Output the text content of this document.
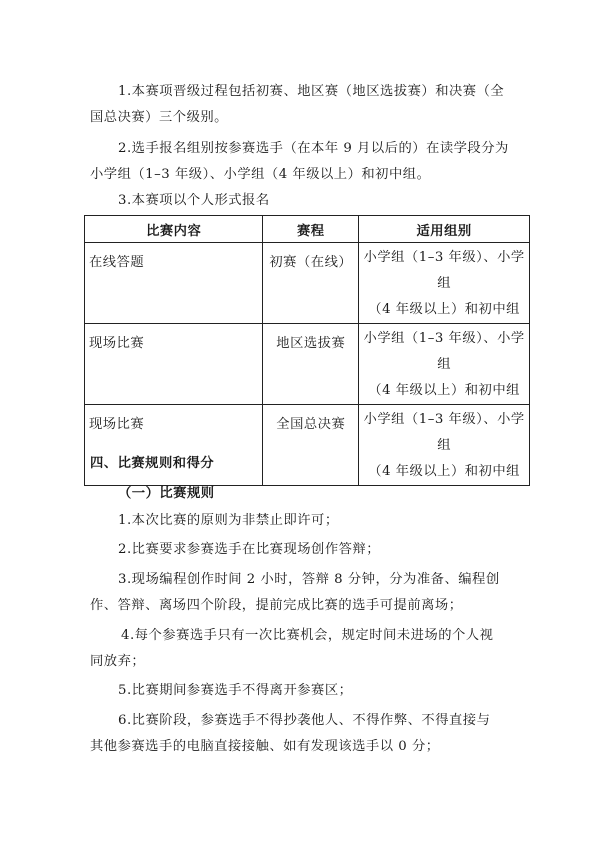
1.本赛项晋级过程包括初赛、地区赛（地区选拔赛）和决赛（全
国总决赛）三个级别。
2.选手报名组别按参赛选手（在本年 9 月以后的）在读学段分为
小学组（1–3 年级）、小学组（4 年级以上）和初中组。
3.本赛项以个人形式报名
比赛内容	赛程	适用组别
在线答题	初赛（在线）	小学组（1–3 年级）、小学组
（4 年级以上）和初中组

现场比赛	地区选拔赛	小学组（1–3 年级）、小学组
（4 年级以上）和初中组

现场比赛	全国总决赛	小学组（1–3 年级）、小学组
（4 年级以上）和初中组
四、比赛规则和得分
（一）比赛规则
1.本次比赛的原则为非禁止即许可；
2.比赛要求参赛选手在比赛现场创作答辩；
3.现场编程创作时间 2 小时，答辩 8 分钟，分为准备、编程创
作、答辩、离场四个阶段，提前完成比赛的选手可提前离场；
4.每个参赛选手只有一次比赛机会，规定时间未进场的个人视
同放弃；
5.比赛期间参赛选手不得离开参赛区；
6.比赛阶段，参赛选手不得抄袭他人、不得作弊、不得直接与
其他参赛选手的电脑直接接触、如有发现该选手以 0 分；
